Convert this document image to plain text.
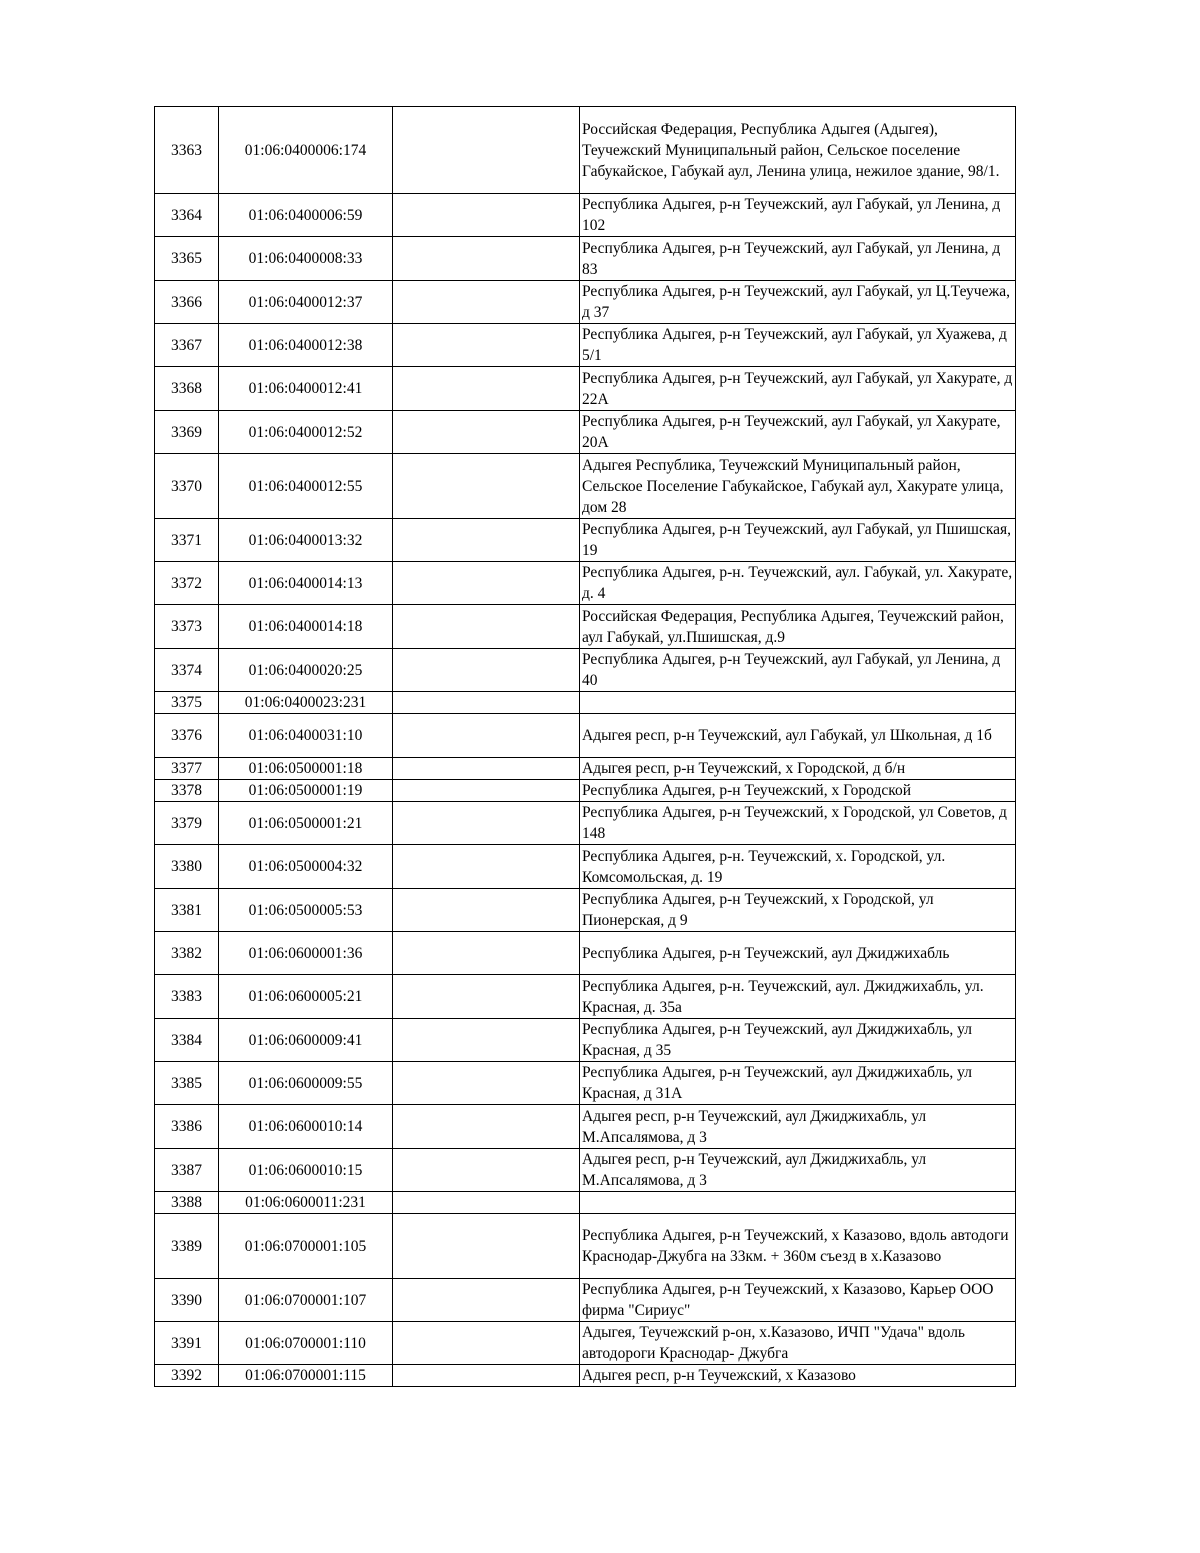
3363	01:06:0400006:174		Российская Федерация, Республика Адыгея (Адыгея), Теучежский Муниципальный район, Сельское поселение Габукайское, Габукай аул, Ленина улица, нежилое здание, 98/1.
3364	01:06:0400006:59		Республика Адыгея, р-н Теучежский, аул Габукай, ул Ленина, д 102
3365	01:06:0400008:33		Республика Адыгея, р-н Теучежский, аул Габукай, ул Ленина, д 83
3366	01:06:0400012:37		Республика Адыгея, р-н Теучежский, аул Габукай, ул Ц.Теучежа, д 37
3367	01:06:0400012:38		Республика Адыгея, р-н Теучежский, аул Габукай, ул Хуажева, д 5/1
3368	01:06:0400012:41		Республика Адыгея, р-н Теучежский, аул Габукай, ул Хакурате, д 22А
3369	01:06:0400012:52		Республика Адыгея, р-н Теучежский, аул Габукай, ул Хакурате, 20А
3370	01:06:0400012:55		Адыгея Республика, Теучежский Муниципальный район, Сельское Поселение Габукайское, Габукай аул, Хакурате улица, дом 28
3371	01:06:0400013:32		Республика Адыгея, р-н Теучежский, аул Габукай, ул Пшишская, 19
3372	01:06:0400014:13		Республика Адыгея, р-н. Теучежский, аул. Габукай, ул. Хакурате, д. 4
3373	01:06:0400014:18		Российская Федерация, Республика Адыгея, Теучежский район, аул Габукай, ул.Пшишская, д.9
3374	01:06:0400020:25		Республика Адыгея, р-н Теучежский, аул Габукай, ул Ленина, д 40
3375	01:06:0400023:231		
3376	01:06:0400031:10		Адыгея респ, р-н Теучежский, аул Габукай, ул Школьная, д 1б
3377	01:06:0500001:18		Адыгея респ, р-н Теучежский, х Городской, д б/н
3378	01:06:0500001:19		Республика Адыгея, р-н Теучежский, х Городской
3379	01:06:0500001:21		Республика Адыгея, р-н Теучежский, х Городской, ул Советов, д 148
3380	01:06:0500004:32		Республика Адыгея, р-н. Теучежский, х. Городской, ул. Комсомольская, д. 19
3381	01:06:0500005:53		Республика Адыгея, р-н Теучежский, х Городской, ул Пионерская, д 9
3382	01:06:0600001:36		Республика Адыгея, р-н Теучежский, аул Джиджихабль
3383	01:06:0600005:21		Республика Адыгея, р-н. Теучежский, аул. Джиджихабль, ул. Красная, д. 35а
3384	01:06:0600009:41		Республика Адыгея, р-н Теучежский, аул Джиджихабль, ул Красная, д 35
3385	01:06:0600009:55		Республика Адыгея, р-н Теучежский, аул Джиджихабль, ул Красная, д 31А
3386	01:06:0600010:14		Адыгея респ, р-н Теучежский, аул Джиджихабль, ул М.Апсалямова, д 3
3387	01:06:0600010:15		Адыгея респ, р-н Теучежский, аул Джиджихабль, ул М.Апсалямова, д 3
3388	01:06:0600011:231		
3389	01:06:0700001:105		Республика Адыгея, р-н Теучежский, х Казазово, вдоль автодоги Краснодар-Джубга на 33км. + 360м съезд в х.Казазово
3390	01:06:0700001:107		Республика Адыгея, р-н Теучежский, х Казазово, Карьер ООО фирма "Сириус"
3391	01:06:0700001:110		Адыгея, Теучежский р-он, х.Казазово, ИЧП "Удача" вдоль автодороги Краснодар- Джубга
3392	01:06:0700001:115		Адыгея респ, р-н Теучежский, х Казазово
